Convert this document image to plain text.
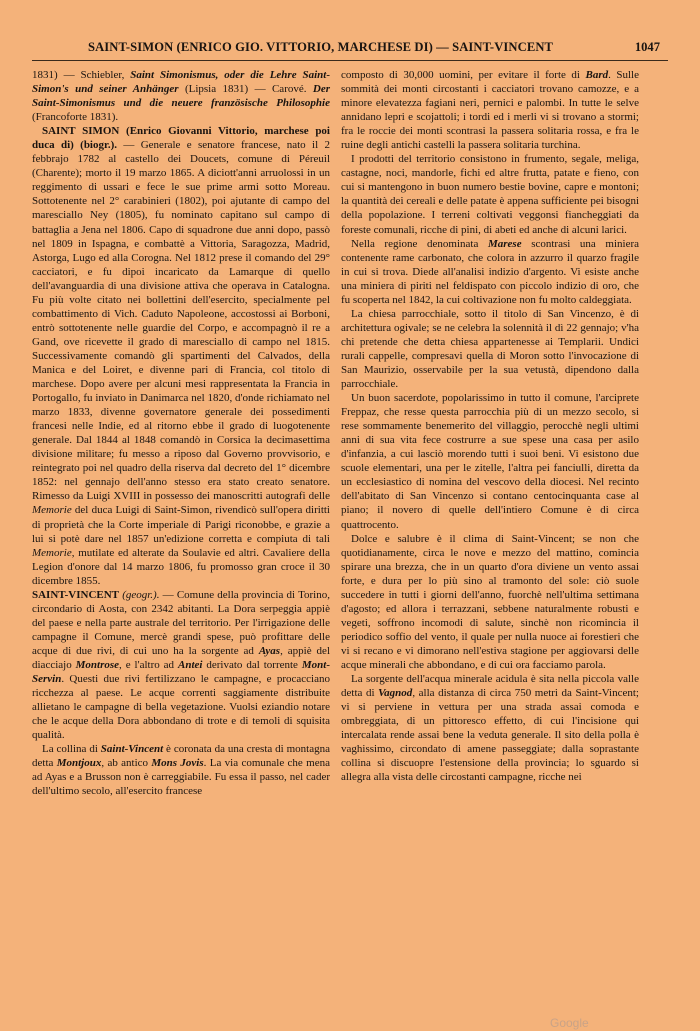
SAINT-SIMON (ENRICO GIO. VITTORIO, MARCHESE DI) — SAINT-VINCENT	1047

1831) — Schiebler, Saint Simonismus, oder die Lehre Saint-Simon's und seiner Anhänger (Lipsia 1831) — Carové. Der Saint-Simonismus und die neuere französische Philosophie (Francoforte 1831).

SAINT SIMON (Enrico Giovanni Vittorio, marchese poi duca di) (biogr.). — Generale e senatore francese, nato il 2 febbrajo 1782 al castello dei Doucets, comune di Péreuil (Charente); morto il 19 marzo 1865. A diciott'anni arruolossi in un reggimento di ussari e fece le sue prime armi sotto Moreau. Sottotenente nel 2° carabinieri (1802), poi ajutante di campo del maresciallo Ney (1805), fu nominato capitano sul campo di battaglia a Jena nel 1806. Capo di squadrone due anni dopo, passò nel 1809 in Ispagna, e combattè a Vittoria, Saragozza, Madrid, Astorga, Lugo ed alla Corogna. Nel 1812 prese il comando del 29° cacciatori, e fu dipoi incaricato da Lamarque di quello dell'avanguardia di una divisione attiva che operava in Catalogna. Fu più volte citato nei bollettini dell'esercito, specialmente pel combattimento di Vich. Caduto Napoleone, accostossi ai Borboni, entrò sottotenente nelle guardie del Corpo, e accompagnò il re a Gand, ove ricevette il grado di maresciallo di campo nel 1815. Successivamente comandò gli spartimenti del Calvados, della Manica e del Loiret, e divenne pari di Francia, col titolo di marchese. Dopo avere per alcuni mesi rappresentata la Francia in Portogallo, fu inviato in Danimarca nel 1820, d'onde richiamato nel marzo 1833, divenne governatore generale dei possedimenti francesi nelle Indie, ed al ritorno ebbe il grado di luogotenente generale. Dal 1844 al 1848 comandò in Corsica la decimasettima divisione militare; fu messo a riposo dal Governo provvisorio, e reintegrato poi nel quadro della riserva dal decreto del 1° dicembre 1852: nel gennajo dell'anno stesso era stato creato senatore. Rimesso da Luigi XVIII in possesso dei manoscritti autografi delle Memorie del duca Luigi di Saint-Simon, rivendicò sull'opera diritti di proprietà che la Corte imperiale di Parigi riconobbe, e grazie a lui si potè dare nel 1857 un'edizione corretta e compiuta di tali Memorie, mutilate ed alterate da Soulavie ed altri. Cavaliere della Legion d'onore dal 14 marzo 1806, fu promosso gran croce il 30 dicembre 1855.

SAINT-VINCENT (geogr.). — Comune della provincia di Torino, circondario di Aosta, con 2342 abitanti. La Dora serpeggia appiè del paese e nella parte australe del territorio. Per l'irrigazione delle campagne il Comune, mercè grandi spese, può profittare delle acque di due rivi, di cui uno ha la sorgente ad Ayas, appiè del diacciajo Montrose, e l'altro ad Antei derivato dal torrente Mont-Servin. Questi due rivi fertilizzano le campagne, e procacciano ricchezza al paese. Le acque correnti saggiamente distribuite allietano le campagne di bella vegetazione. Vuolsi eziandio notare che le acque della Dora abbondano di trote e di temoli di squisita qualità.

La collina di Saint-Vincent è coronata da una cresta di montagna detta Montjoux, ab antico Mons Jovis. La via comunale che mena ad Ayas e a Brusson non è carreggiabile. Fu essa il passo, nel cader dell'ultimo secolo, all'esercito francese

composto di 30,000 uomini, per evitare il forte di Bard. Sulle sommità dei monti circostanti i cacciatori trovano camozze, e a minore elevatezza fagiani neri, pernici e palombi. In tutte le selve annidano lepri e scojattoli; i tordi ed i merli vi si trovano a stormi; fra le roccie dei monti scontrasi la passera solitaria rossa, e fra le ruine degli antichi castelli la passera solitaria turchina.

I prodotti del territorio consistono in frumento, segale, meliga, castagne, noci, mandorle, fichi ed altre frutta, patate e fieno, con cui si mantengono in buon numero bestie bovine, capre e montoni; la quantità dei cereali e delle patate è appena sufficiente pei bisogni della popolazione. I terreni coltivati veggonsi fiancheggiati da foreste comunali, ricche di pini, di abeti ed anche di alcuni larici.

Nella regione denominata Marese scontrasi una miniera contenente rame carbonato, che colora in azzurro il quarzo fragile in cui si trova. Diede all'analisi indizio d'argento. Vi esiste anche una miniera di piriti nel feldispato con piccolo indizio di oro, che fu scoperta nel 1842, la cui coltivazione non fu molto caldeggiata.

La chiesa parrocchiale, sotto il titolo di San Vincenzo, è di architettura ogivale; se ne celebra la solennità il dì 22 gennajo; v'ha chi pretende che detta chiesa appartenesse ai Templarii. Undici rurali cappelle, compresavi quella di Moron sotto l'invocazione di San Maurizio, osservabile per la sua vetustà, dipendono dalla parrocchiale.

Un buon sacerdote, popolarissimo in tutto il comune, l'arciprete Freppaz, che resse questa parrocchia più di un mezzo secolo, si rese sommamente benemerito del villaggio, perocchè negli ultimi anni di sua vita fece costrurre a sue spese una casa per asilo d'infanzia, a cui lasciò morendo tutti i suoi beni. Vi esistono due scuole elementari, una per le zitelle, l'altra pei fanciulli, diretta da un ecclesiastico di nomina del vescovo della diocesi. Nel recinto dell'abitato di San Vincenzo si contano centocinquanta case al piano; il novero di quelle dell'intiero Comune è di circa quattrocento.

Dolce e salubre è il clima di Saint-Vincent; se non che quotidianamente, circa le nove e mezzo del mattino, comincia spirare una brezza, che in un quarto d'ora diviene un vento assai forte, e dura per lo più sino al tramonto del sole: ciò suole succedere in tutti i giorni dell'anno, fuorchè nell'ultima settimana d'agosto; ed allora i terrazzani, sebbene naturalmente robusti e vegeti, soffrono incomodi di salute, sinchè non ricomincia il periodico soffio del vento, il quale per nulla nuoce ai forestieri che vi si recano e vi dimorano nell'estiva stagione per aggiovarsi delle acque minerali che abbondano, e di cui ora facciamo parola.

La sorgente dell'acqua minerale acidula è sita nella piccola valle detta di Vagnod, alla distanza di circa 750 metri da Saint-Vincent; vi si perviene in vettura per una strada assai comoda e ombreggiata, di un pittoresco effetto, di cui l'incisione qui intercalata rende assai bene la veduta generale. Il sito della polla è vaghissimo, circondato di amene passeggiate; dalla soprastante collina si discuopre l'estensione della provincia; lo sguardo si allegra alla vista delle circostanti campagne, ricche nei

Google
